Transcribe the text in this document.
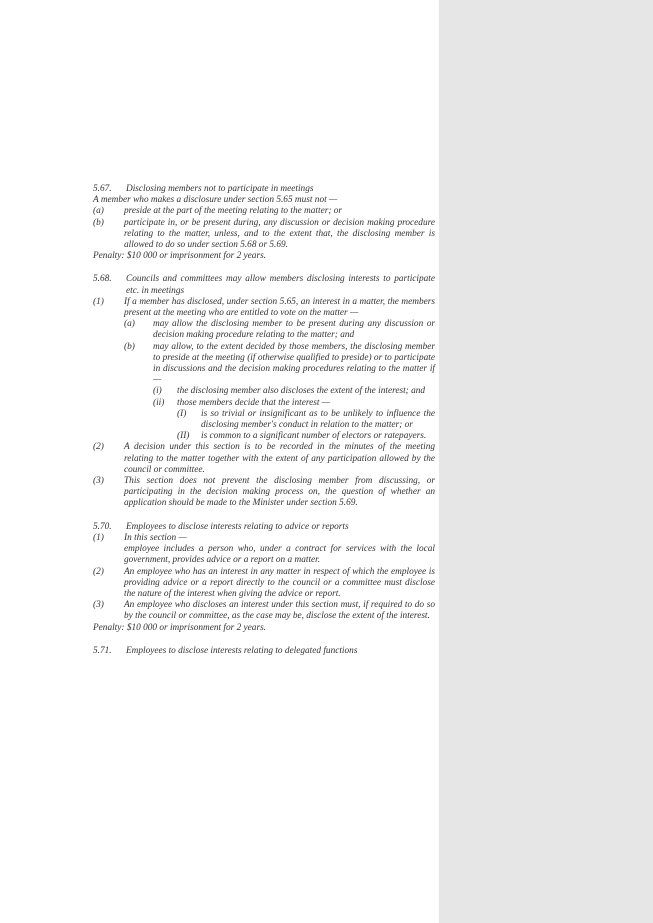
5.67.	Disclosing members not to participate in meetings
A member who makes a disclosure under section 5.65 must not —
(a)	preside at the part of the meeting relating to the matter; or
(b)	participate in, or be present during, any discussion or decision making procedure relating to the matter, unless, and to the extent that, the disclosing member is allowed to do so under section 5.68 or 5.69.
Penalty: $10 000 or imprisonment for 2 years.
5.68.	Councils and committees may allow members disclosing interests to participate etc. in meetings
(1)	If a member has disclosed, under section 5.65, an interest in a matter, the members present at the meeting who are entitled to vote on the matter —
(a)	may allow the disclosing member to be present during any discussion or decision making procedure relating to the matter; and
(b)	may allow, to the extent decided by those members, the disclosing member to preside at the meeting (if otherwise qualified to preside) or to participate in discussions and the decision making procedures relating to the matter if —
(i)	the disclosing member also discloses the extent of the interest; and
(ii)	those members decide that the interest —
(I)	is so trivial or insignificant as to be unlikely to influence the disclosing member's conduct in relation to the matter; or
(II)	is common to a significant number of electors or ratepayers.
(2)	A decision under this section is to be recorded in the minutes of the meeting relating to the matter together with the extent of any participation allowed by the council or committee.
(3)	This section does not prevent the disclosing member from discussing, or participating in the decision making process on, the question of whether an application should be made to the Minister under section 5.69.
5.70.	Employees to disclose interests relating to advice or reports
(1)	In this section —
employee includes a person who, under a contract for services with the local government, provides advice or a report on a matter.
(2)	An employee who has an interest in any matter in respect of which the employee is providing advice or a report directly to the council or a committee must disclose the nature of the interest when giving the advice or report.
(3)	An employee who discloses an interest under this section must, if required to do so by the council or committee, as the case may be, disclose the extent of the interest.
Penalty: $10 000 or imprisonment for 2 years.
5.71.	Employees to disclose interests relating to delegated functions
